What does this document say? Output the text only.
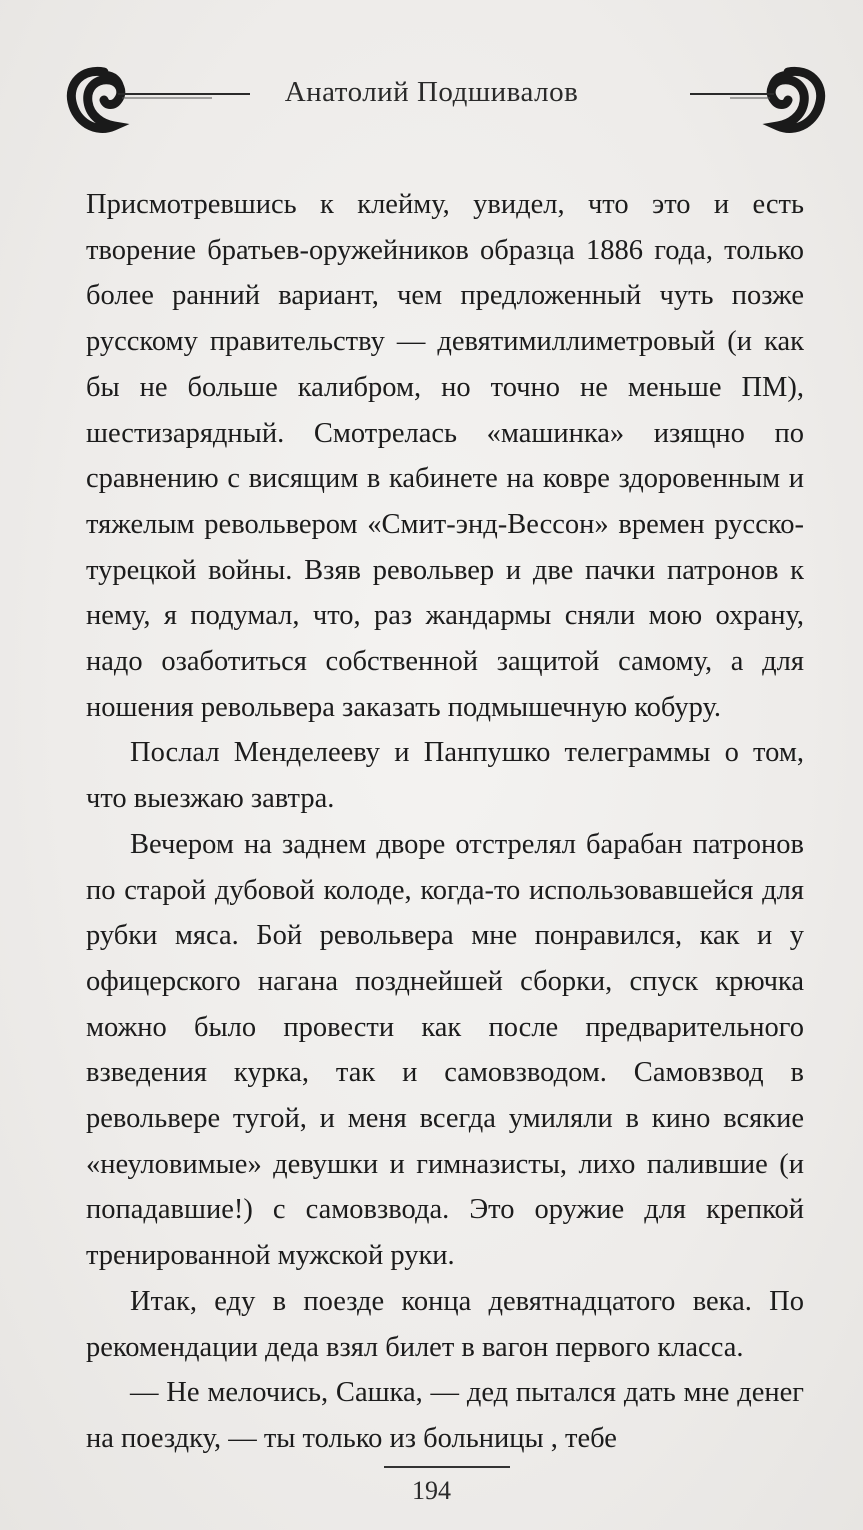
Анатолий Подшивалов

Присмотревшись к клейму, увидел, что это и есть творение братьев-оружейников образца 1886 года, только более ранний вариант, чем предложенный чуть позже русскому правительству — девятимиллиметровый (и как бы не больше калибром, но точно не меньше ПМ), шестизарядный. Смотрелась «машинка» изящно по сравнению с висящим в кабинете на ковре здоровенным и тяжелым револьвером «Смит-энд-Вессон» времен русско-турецкой войны. Взяв револьвер и две пачки патронов к нему, я подумал, что, раз жандармы сняли мою охрану, надо озаботиться собственной защитой самому, а для ношения револьвера заказать подмышечную кобуру.

Послал Менделееву и Панпушко телеграммы о том, что выезжаю завтра.

Вечером на заднем дворе отстрелял барабан патронов по старой дубовой колоде, когда-то использовавшейся для рубки мяса. Бой револьвера мне понравился, как и у офицерского нагана позднейшей сборки, спуск крючка можно было провести как после предварительного взведения курка, так и самовзводом. Самовзвод в револьвере тугой, и меня всегда умиляли в кино всякие «неуловимые» девушки и гимназисты, лихо палившие (и попадавшие!) с самовзвода. Это оружие для крепкой тренированной мужской руки.

Итак, еду в поезде конца девятнадцатого века. По рекомендации деда взял билет в вагон первого класса.

— Не мелочись, Сашка, — дед пытался дать мне денег на поездку, — ты только из больницы , тебе

194
